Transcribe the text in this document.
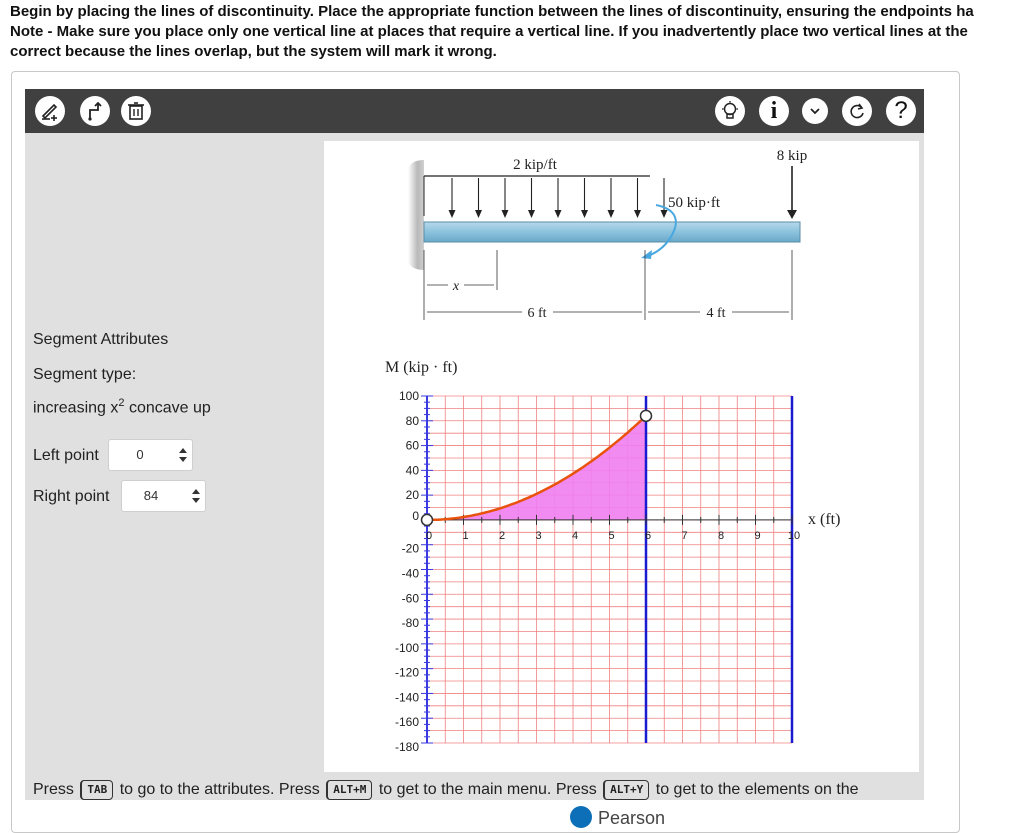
Begin by placing the lines of discontinuity. Place the appropriate function between the lines of discontinuity, ensuring the endpoints ha
Note - Make sure you place only one vertical line at places that require a vertical line. If you inadvertently place two vertical lines at the
correct because the lines overlap, but the system will mark it wrong.
i	?
Segment Attributes
Segment type:
increasing $x^2$ concave up
Left point	0
Right point	84
2 kip/ft
50 kip·ft
8 kip
x
6 ft	4 ft
M (kip · ft)
x (ft)
0	1	2	3	4	5	6	7	8	9 10
100
80
60
40
20
0
-20
-40
-60
-80
-100
-120
-140
-160
-180
Press TAB to go to the attributes. Press ALT+M to get to the main menu. Press ALT+Y to get to the elements on the
Pearson
